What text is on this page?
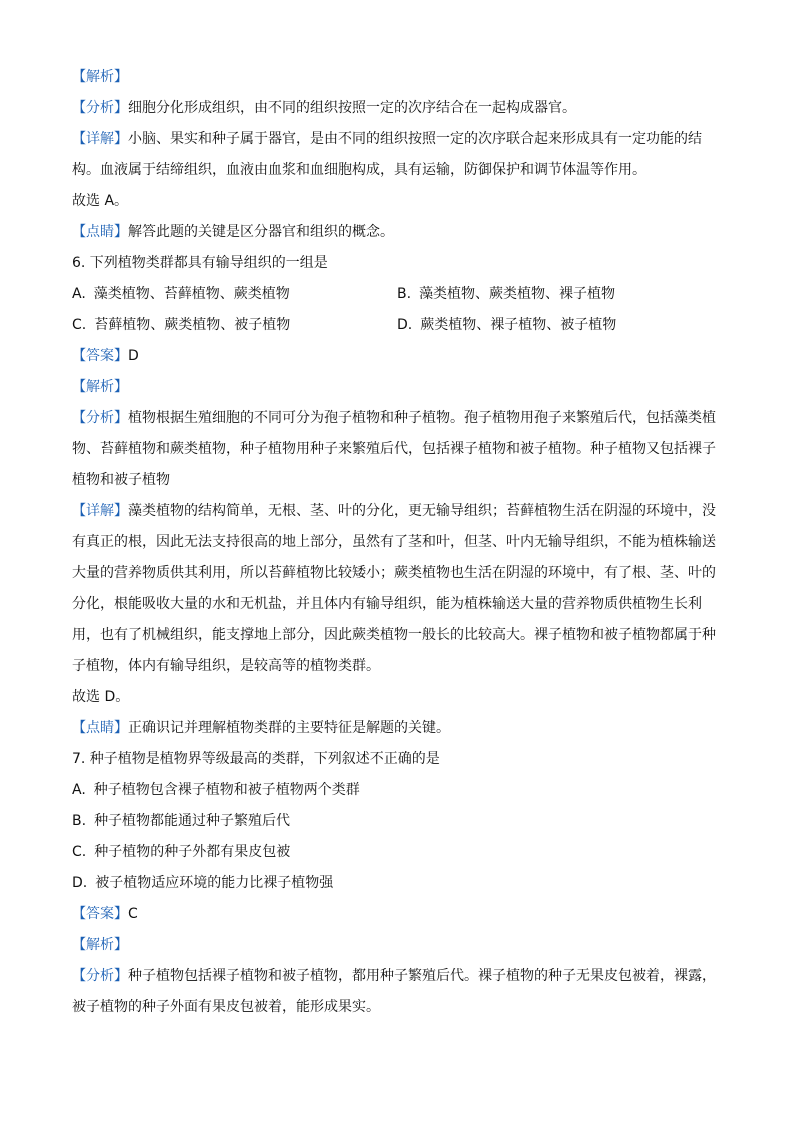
【解析】
【分析】细胞分化形成组织，由不同的组织按照一定的次序结合在一起构成器官。
【详解】小脑、果实和种子属于器官，是由不同的组织按照一定的次序联合起来形成具有一定功能的结构。血液属于结缔组织，血液由血浆和血细胞构成，具有运输，防御保护和调节体温等作用。
故选 A。
【点睛】解答此题的关键是区分器官和组织的概念。
6. 下列植物类群都具有输导组织的一组是
A. 藻类植物、苔藓植物、蕨类植物	B. 藻类植物、蕨类植物、裸子植物
C. 苔藓植物、蕨类植物、被子植物	D. 蕨类植物、裸子植物、被子植物
【答案】D
【解析】
【分析】植物根据生殖细胞的不同可分为孢子植物和种子植物。孢子植物用孢子来繁殖后代，包括藻类植物、苔藓植物和蕨类植物，种子植物用种子来繁殖后代，包括裸子植物和被子植物。种子植物又包括裸子植物和被子植物
【详解】藻类植物的结构简单，无根、茎、叶的分化，更无输导组织；苔藓植物生活在阴湿的环境中，没有真正的根，因此无法支持很高的地上部分，虽然有了茎和叶，但茎、叶内无输导组织，不能为植株输送大量的营养物质供其利用，所以苔藓植物比较矮小；蕨类植物也生活在阴湿的环境中，有了根、茎、叶的分化，根能吸收大量的水和无机盐，并且体内有输导组织，能为植株输送大量的营养物质供植物生长利用，也有了机械组织，能支撑地上部分，因此蕨类植物一般长的比较高大。裸子植物和被子植物都属于种子植物，体内有输导组织，是较高等的植物类群。
故选 D。
【点睛】正确识记并理解植物类群的主要特征是解题的关键。
7. 种子植物是植物界等级最高的类群，下列叙述不正确的是
A. 种子植物包含裸子植物和被子植物两个类群
B. 种子植物都能通过种子繁殖后代
C. 种子植物的种子外都有果皮包被
D. 被子植物适应环境的能力比裸子植物强
【答案】C
【解析】
【分析】种子植物包括裸子植物和被子植物，都用种子繁殖后代。裸子植物的种子无果皮包被着，裸露，被子植物的种子外面有果皮包被着，能形成果实。
